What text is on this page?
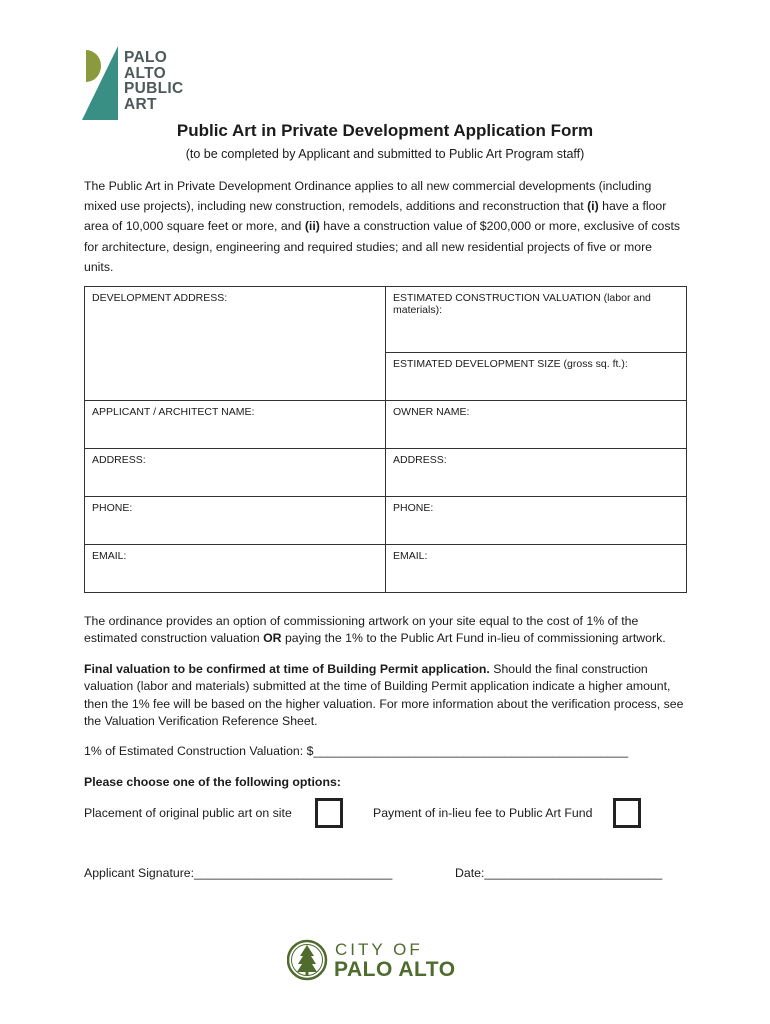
PALO
ALTO
PUBLIC
ART
Public Art in Private Development Application Form
(to be completed by Applicant and submitted to Public Art Program staff)
The Public Art in Private Development Ordinance applies to all new commercial developments (including mixed use projects), including new construction, remodels, additions and reconstruction that (i) have a floor area of 10,000 square feet or more, and (ii) have a construction value of $200,000 or more, exclusive of costs for architecture, design, engineering and required studies; and all new residential projects of five or more units.
DEVELOPMENT ADDRESS:	ESTIMATED CONSTRUCTION VALUATION (labor and materials):
	ESTIMATED DEVELOPMENT SIZE (gross sq. ft.):
APPLICANT / ARCHITECT NAME:	OWNER NAME:
ADDRESS:	ADDRESS:
PHONE:	PHONE:
EMAIL:	EMAIL:
The ordinance provides an option of commissioning artwork on your site equal to the cost of 1% of the estimated construction valuation OR paying the 1% to the Public Art Fund in-lieu of commissioning artwork.
Final valuation to be confirmed at time of Building Permit application. Should the final construction valuation (labor and materials) submitted at the time of Building Permit application indicate a higher amount, then the 1% fee will be based on the higher valuation. For more information about the verification process, see the Valuation Verification Reference Sheet.
1% of Estimated Construction Valuation: $______________________________________________
Please choose one of the following options:
Placement of original public art on site	Payment of in-lieu fee to Public Art Fund
Applicant Signature:_____________________________	Date:__________________________
CITY OF
PALO ALTO
